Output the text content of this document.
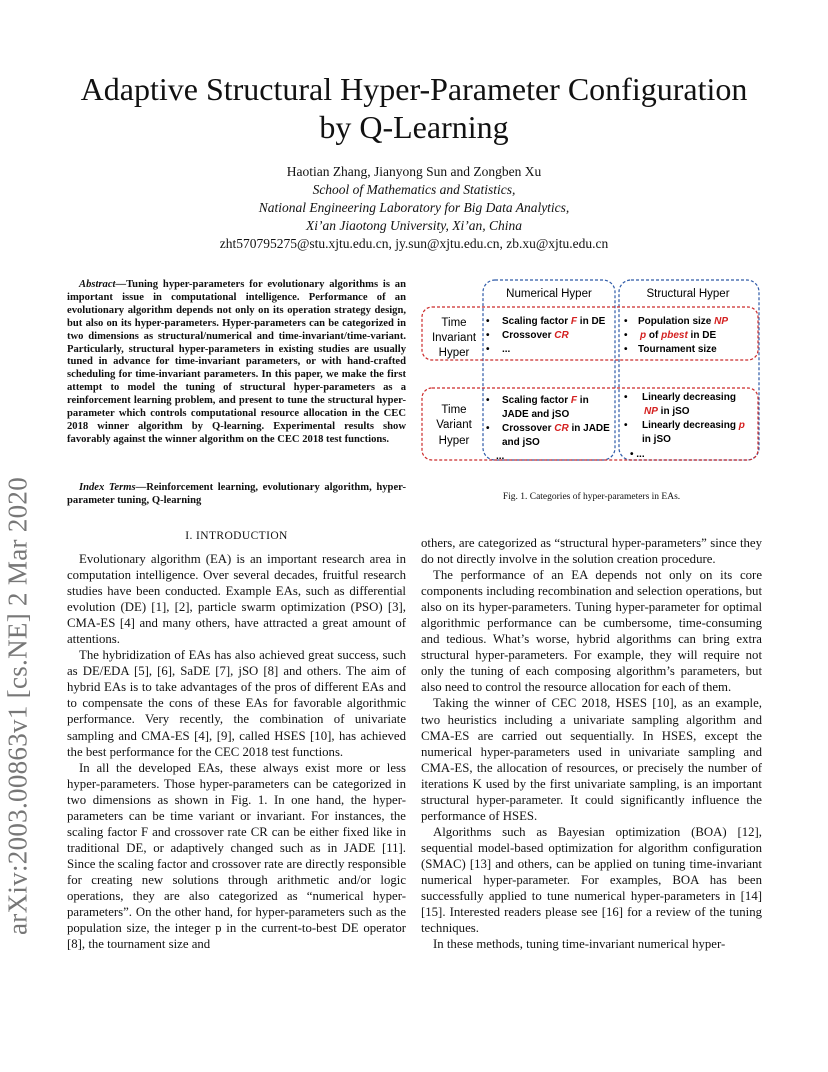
arXiv:2003.00863v1 [cs.NE] 2 Mar 2020
Adaptive Structural Hyper-Parameter Configuration
by Q-Learning
Haotian Zhang, Jianyong Sun and Zongben Xu
School of Mathematics and Statistics,
National Engineering Laboratory for Big Data Analytics,
Xi’an Jiaotong University, Xi’an, China
zht570795275@stu.xjtu.edu.cn, jy.sun@xjtu.edu.cn, zb.xu@xjtu.edu.cn
Abstract—Tuning hyper-parameters for evolutionary algorithms is an important issue in computational intelligence. Performance of an evolutionary algorithm depends not only on its operation strategy design, but also on its hyper-parameters. Hyper-parameters can be categorized in two dimensions as structural/numerical and time-invariant/time-variant. Particularly, structural hyper-parameters in existing studies are usually tuned in advance for time-invariant parameters, or with hand-crafted scheduling for time-invariant parameters. In this paper, we make the first attempt to model the tuning of structural hyper-parameters as a reinforcement learning problem, and present to tune the structural hyper-parameter which controls computational resource allocation in the CEC 2018 winner algorithm by Q-learning. Experimental results show favorably against the winner algorithm on the CEC 2018 test functions.
Index Terms—Reinforcement learning, evolutionary algorithm, hyper-parameter tuning, Q-learning
Numerical Hyper	Structural Hyper
Time
Invariant
Hyper
Time
Variant
Hyper
• Scaling factor F in DE
• Crossover CR
• ...
• Population size NP
• p of pbest in DE
• Tournament size
• Scaling factor F in
JADE and jSO
• Crossover CR in JADE
and jSO
...
• Linearly decreasing
NP in jSO
• Linearly decreasing p
in jSO
• ...
Fig. 1. Categories of hyper-parameters in EAs.
I. INTRODUCTION

Evolutionary algorithm (EA) is an important research area in computation intelligence. Over several decades, fruitful research studies have been conducted. Example EAs, such as differential evolution (DE) [1], [2], particle swarm optimization (PSO) [3], CMA-ES [4] and many others, have attracted a great amount of attentions.

The hybridization of EAs has also achieved great success, such as DE/EDA [5], [6], SaDE [7], jSO [8] and others. The aim of hybrid EAs is to take advantages of the pros of different EAs and to compensate the cons of these EAs for favorable algorithmic performance. Very recently, the combination of univariate sampling and CMA-ES [4], [9], called HSES [10], has achieved the best performance for the CEC 2018 test functions.

In all the developed EAs, these always exist more or less hyper-parameters. Those hyper-parameters can be categorized in two dimensions as shown in Fig. 1. In one hand, the hyper-parameters can be time variant or invariant. For instances, the scaling factor F and crossover rate CR can be either fixed like in traditional DE, or adaptively changed such as in JADE [11]. Since the scaling factor and crossover rate are directly responsible for creating new solutions through arithmetic and/or logic operations, they are also categorized as “numerical hyper-parameters”. On the other hand, for hyper-parameters such as the population size, the integer p in the current-to-best DE operator [8], the tournament size and

others, are categorized as “structural hyper-parameters” since they do not directly involve in the solution creation procedure.

The performance of an EA depends not only on its core components including recombination and selection operations, but also on its hyper-parameters. Tuning hyper-parameter for optimal algorithmic performance can be cumbersome, time-consuming and tedious. What’s worse, hybrid algorithms can bring extra structural hyper-parameters. For example, they will require not only the tuning of each composing algorithm’s parameters, but also need to control the resource allocation for each of them.

Taking the winner of CEC 2018, HSES [10], as an example, two heuristics including a univariate sampling algorithm and CMA-ES are carried out sequentially. In HSES, except the numerical hyper-parameters used in univariate sampling and CMA-ES, the allocation of resources, or precisely the number of iterations K used by the first univariate sampling, is an important structural hyper-parameter. It could significantly influence the performance of HSES.

Algorithms such as Bayesian optimization (BOA) [12], sequential model-based optimization for algorithm configuration (SMAC) [13] and others, can be applied on tuning time-invariant numerical hyper-parameter. For examples, BOA has been successfully applied to tune numerical hyper-parameters in [14] [15]. Interested readers please see [16] for a review of the tuning techniques.

In these methods, tuning time-invariant numerical hyper-
